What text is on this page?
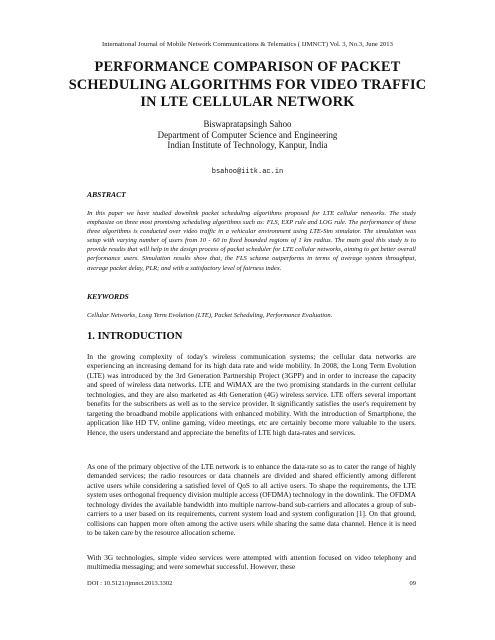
International Journal of Mobile Network Communications & Telematics ( IJMNCT) Vol. 3, No.3, June 2013
PERFORMANCE COMPARISON OF PACKET SCHEDULING ALGORITHMS FOR VIDEO TRAFFIC IN LTE CELLULAR NETWORK
Biswapratapsingh Sahoo
Department of Computer Science and Engineering
Indian Institute of Technology, Kanpur, India
bsahoo@iitk.ac.in
ABSTRACT

In this paper we have studied downlink packet scheduling algorithms proposed for LTE cellular networks. The study emphasize on three most promising scheduling algorithms such as: FLS, EXP rule and LOG rule. The performance of these three algorithms is conducted over video traffic in a vehicular environment using LTE-Sim simulator. The simulation was setup with varying number of users from 10 - 60 in fixed bounded regions of 1 km radius. The main goal this study is to provide results that will help in the design process of packet scheduler for LTE cellular networks, aiming to get better overall performance users. Simulation results show that, the FLS scheme outperforms in terms of average system throughput, average packet delay, PLR; and with a satisfactory level of fairness index.

KEYWORDS

Cellular Networks, Long Term Evolution (LTE), Packet Scheduling, Performance Evaluation.

1. INTRODUCTION

In the growing complexity of today's wireless communication systems; the cellular data networks are experiencing an increasing demand for its high data rate and wide mobility. In 2008, the Long Term Evolution (LTE) was introduced by the 3rd Generation Partnership Project (3GPP) and in order to increase the capacity and speed of wireless data networks. LTE and WiMAX are the two promising standards in the current cellular technologies, and they are also marketed as 4th Generation (4G) wireless service. LTE offers several important benefits for the subscribers as well as to the service provider. It significantly satisfies the user's requirement by targeting the broadband mobile applications with enhanced mobility. With the introduction of Smartphone, the application like HD TV, online gaming, video meetings, etc are certainly become more valuable to the users. Hence, the users understand and appreciate the benefits of LTE high data-rates and services.

As one of the primary objective of the LTE network is to enhance the data-rate so as to cater the range of highly demanded services; the radio resources or data channels are divided and shared efficiently among different active users while considering a satisfied level of QoS to all active users. To shape the requirements, the LTE system uses orthogonal frequency division multiple access (OFDMA) technology in the downlink. The OFDMA technology divides the available bandwidth into multiple narrow-band sub-carriers and allocates a group of sub-carriers to a user based on its requirements, current system load and system configuration [1]. On that ground, collisions can happen more often among the active users while sharing the same data channel. Hence it is need to be taken care by the resource allocation scheme.

With 3G technologies, simple video services were attempted with attention focused on video telephony and multimedia messaging; and were somewhat successful. However, these

DOI : 10.5121/ijmnct.2013.3302	09
